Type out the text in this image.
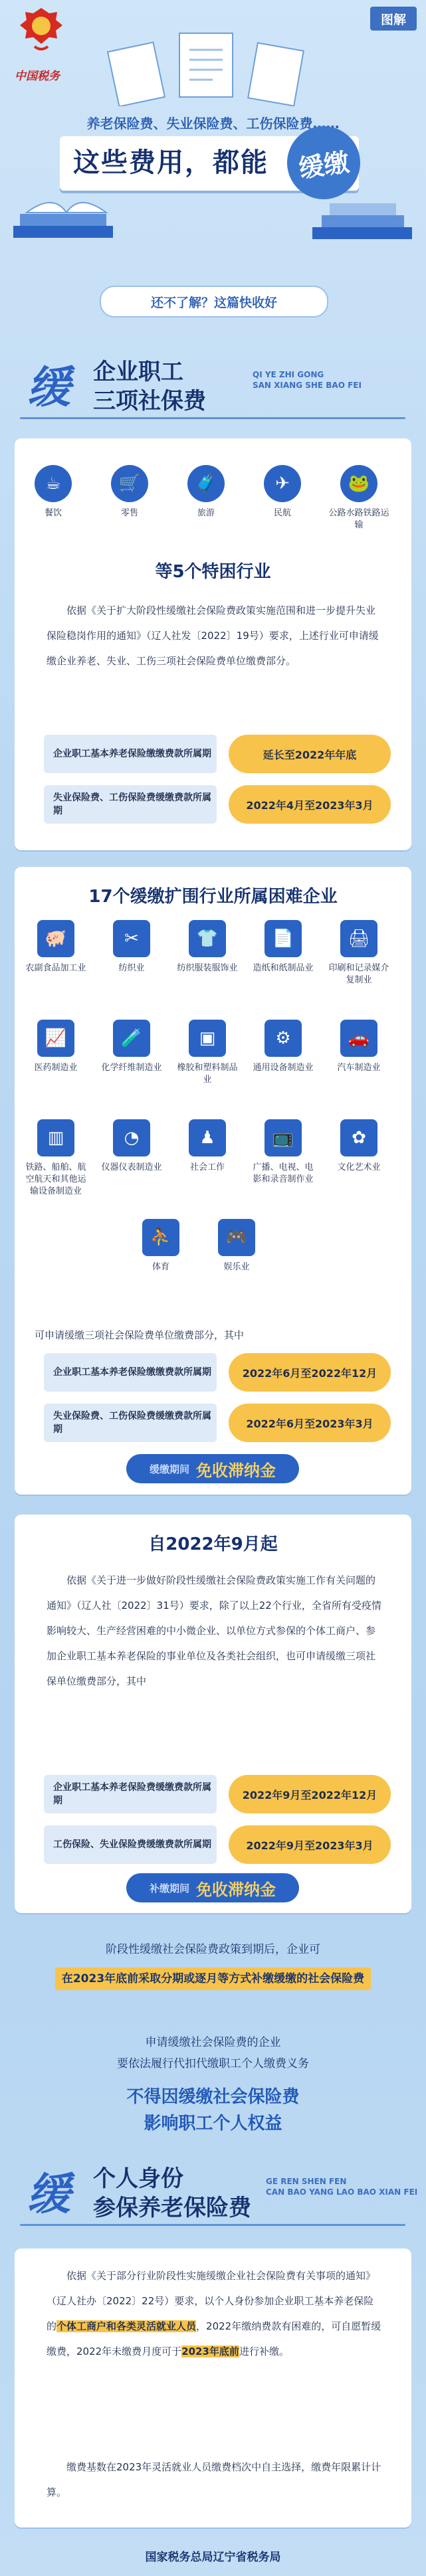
中国税务
图解
养老保险费、失业保险费、工伤保险费……
这些费用，都能	缓缴
还不了解？这篇快收好
缓 企业职工
三项社保费
QI YE ZHI GONG
SAN XIANG SHE BAO FEI
☕
餐饮
🛒
零售
🧳
旅游
✈
民航
🐸
公路水路铁路运输
等5个特困行业
依据《关于扩大阶段性缓缴社会保险费政策实施范围和进一步提升失业保险稳岗作用的通知》（辽人社发〔2022〕19号）要求，上述行业可申请缓缴企业养老、失业、工伤三项社会保险费单位缴费部分。
企业职工基本养老保险缴缴费款所属期	延长至2022年年底
失业保险费、工伤保险费缓缴费款所属期	2022年4月至2023年3月
17个缓缴扩围行业所属困难企业
🐖
农副食品加工业
✂
纺织业
👕
纺织服装服饰业
📄
造纸和纸制品业
🖨
印刷和记录媒介复制业
📈
医药制造业
🧪
化学纤维制造业
▣
橡胶和塑料制品业
⚙
通用设备制造业
🚗
汽车制造业
▥
铁路、船舶、航空航天和其他运输设备制造业
◔
仪器仪表制造业
♟
社会工作
📺
广播、电视、电影和录音制作业
✿
文化艺术业
⛹
体育
🎮
娱乐业
可申请缓缴三项社会保险费单位缴费部分，其中
企业职工基本养老保险缴缴费款所属期	2022年6月至2022年12月
失业保险费、工伤保险费缓缴费款所属期	2022年6月至2023年3月
缓缴期间 免收滞纳金
自2022年9月起
依据《关于进一步做好阶段性缓缴社会保险费政策实施工作有关问题的通知》（辽人社〔2022〕31号）要求，除了以上22个行业，全省所有受疫情影响较大、生产经营困难的中小微企业、以单位方式参保的个体工商户、参加企业职工基本养老保险的事业单位及各类社会组织，也可申请缓缴三项社保单位缴费部分，其中
企业职工基本养老保险费缓缴费款所属期	2022年9月至2022年12月
工伤保险、失业保险费缓缴费款所属期	2022年9月至2023年3月
补缴期间 免收滞纳金
阶段性缓缴社会保险费政策到期后，企业可
在2023年底前采取分期或逐月等方式补缴缓缴的社会保险费
申请缓缴社会保险费的企业
要依法履行代扣代缴职工个人缴费义务
不得因缓缴社会保险费
影响职工个人权益
缓 个人身份
参保养老保险费
GE REN SHEN FEN
CAN BAO YANG LAO BAO XIAN FEI
依据《关于部分行业阶段性实施缓缴企业社会保险费有关事项的通知》（辽人社办〔2022〕22号）要求，以个人身份参加企业职工基本养老保险的个体工商户和各类灵活就业人员，2022年缴纳费款有困难的，可自愿暂缓缴费，2022年未缴费月度可于2023年底前进行补缴。
缴费基数在2023年灵活就业人员缴费档次中自主选择，缴费年限累计计算。
国家税务总局辽宁省税务局
